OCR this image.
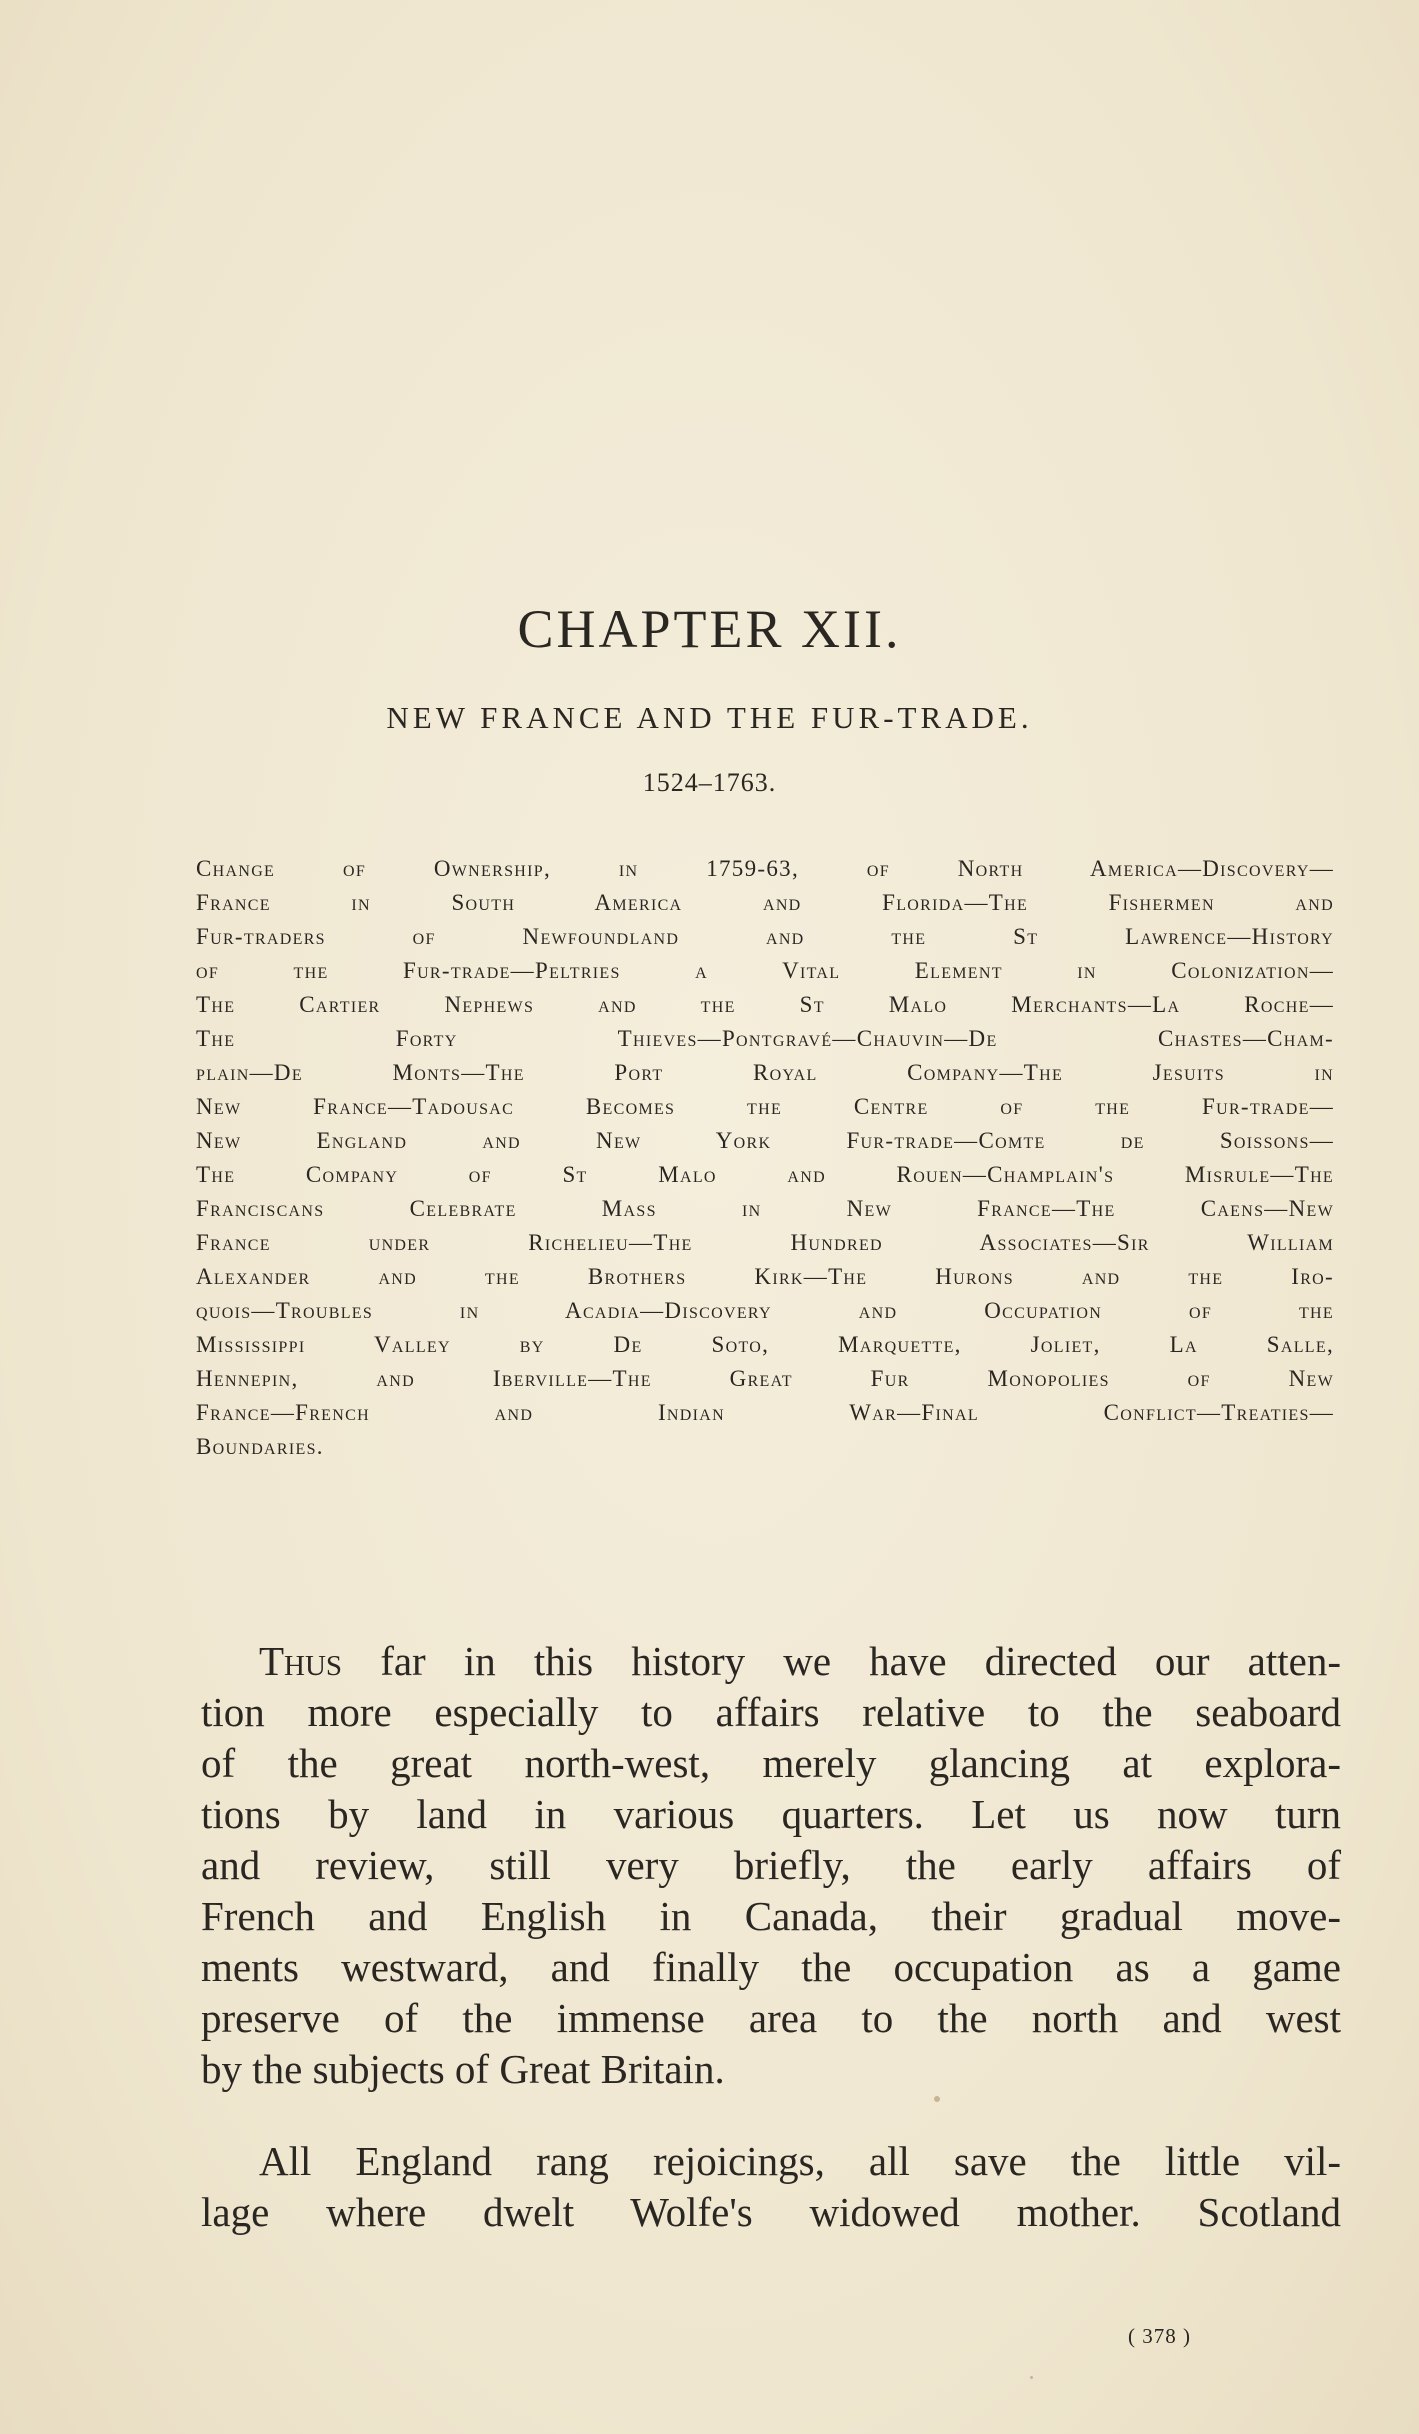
CHAPTER XII.
NEW FRANCE AND THE FUR-TRADE.
1524–1763.
Change of Ownership, in 1759-63, of North America—Discovery—
France in South America and Florida—The Fishermen and
Fur-traders of Newfoundland and the St Lawrence—History
of the Fur-trade—Peltries a Vital Element in Colonization—
The Cartier Nephews and the St Malo Merchants—La Roche—
The Forty Thieves—Pontgravé—Chauvin—De Chastes—Cham-
plain—De Monts—The Port Royal Company—The Jesuits in
New France—Tadousac Becomes the Centre of the Fur-trade—
New England and New York Fur-trade—Comte de Soissons—
The Company of St Malo and Rouen—Champlain's Misrule—The
Franciscans Celebrate Mass in New France—The Caens—New
France under Richelieu—The Hundred Associates—Sir William
Alexander and the Brothers Kirk—The Hurons and the Iro-
quois—Troubles in Acadia—Discovery and Occupation of the
Mississippi Valley by De Soto, Marquette, Joliet, La Salle,
Hennepin, and Iberville—The Great Fur Monopolies of New
France—French and Indian War—Final Conflict—Treaties—
Boundaries.
Thus far in this history we have directed our atten-
tion more especially to affairs relative to the seaboard
of the great north-west, merely glancing at explora-
tions by land in various quarters. Let us now turn
and review, still very briefly, the early affairs of
French and English in Canada, their gradual move-
ments westward, and finally the occupation as a game
preserve of the immense area to the north and west
by the subjects of Great Britain.
All England rang rejoicings, all save the little vil-
lage where dwelt Wolfe's widowed mother. Scotland
( 378 )
